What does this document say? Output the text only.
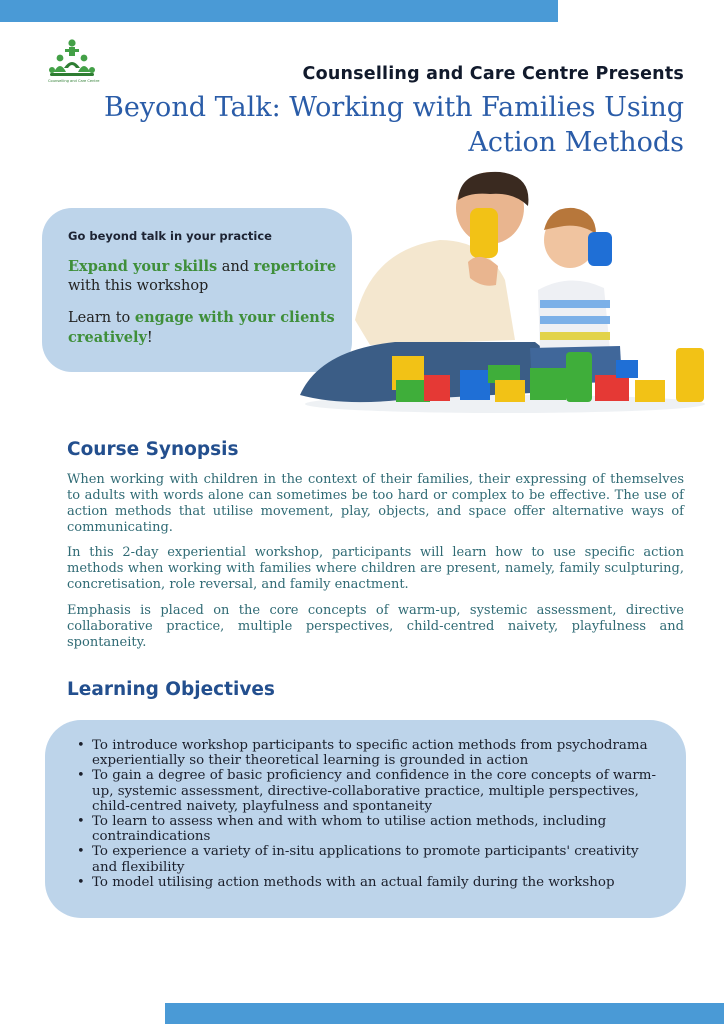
Counselling and Care Centre	Counselling and Care Centre Presents
Beyond Talk: Working with Families Using Action Methods
Go beyond talk in your practice
Expand your skills and repertoire with this workshop
Learn to engage with your clients creatively!
Course Synopsis
When working with children in the context of their families, their expressing of themselves to adults with words alone can sometimes be too hard or complex to be effective. The use of action methods that utilise movement, play, objects, and space offer alternative ways of communicating.
In this 2-day experiential workshop, participants will learn how to use specific action methods when working with families where children are present, namely, family sculpturing, concretisation, role reversal, and family enactment.
Emphasis is placed on the core concepts of warm-up, systemic assessment, directive collaborative practice, multiple perspectives, child-centred naivety, playfulness and spontaneity.
Learning Objectives
• To introduce workshop participants to specific action methods from psychodrama experientially so their theoretical learning is grounded in action
• To gain a degree of basic proficiency and confidence in the core concepts of warm-up, systemic assessment, directive-collaborative practice, multiple perspectives, child-centred naivety, playfulness and spontaneity
• To learn to assess when and with whom to utilise action methods, including contraindications
• To experience a variety of in-situ applications to promote participants' creativity and flexibility
• To model utilising action methods with an actual family during the workshop
